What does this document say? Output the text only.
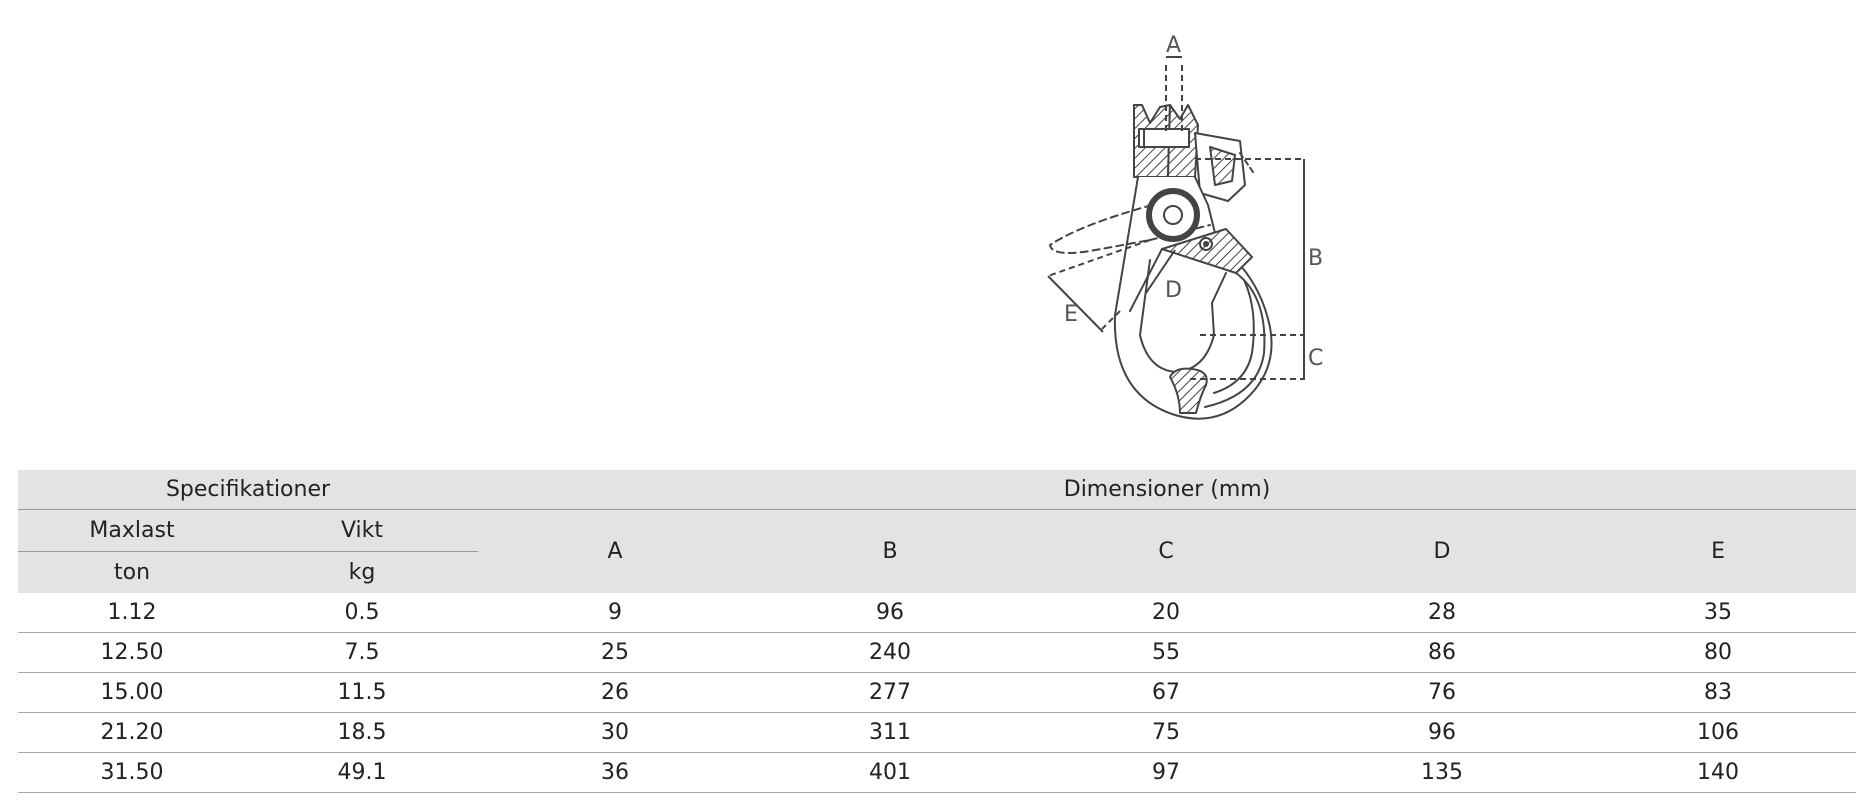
A
B
C
D
E
Specifikationer		Dimensioner (mm)				
Maxlast	Vikt	A	B	C	D	E
ton	kg					
1.12	0.5	9	96	20	28	35
12.50	7.5	25	240	55	86	80
15.00	11.5	26	277	67	76	83
21.20	18.5	30	311	75	96	106
31.50	49.1	36	401	97	135	140
